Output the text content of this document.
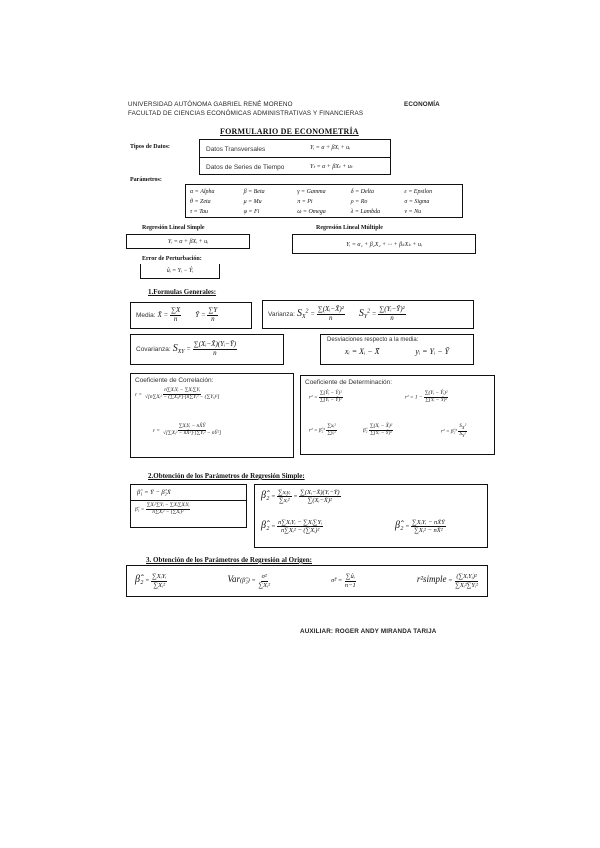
UNIVERSIDAD AUTÓNOMA GABRIEL RENÉ MORENO
FACULTAD DE CIENCIAS ECONÓMICAS ADMINISTRATIVAS Y FINANCIERAS
ECONOMÍA
FORMULARIO DE ECONOMETRÍA
Tipos de Datos:	Datos Transversales	Yᵢ = α + βXᵢ + uᵢ
Datos de Series de Tiempo	Yₜ = α + βXₜ + uₜ
Parámetros:
α = Alpha	β = Beta	γ = Gamma	δ = Delta	ε = Epsilon
θ = Zeta	μ = Mu	π = Pi	ρ = Ro	σ = Sigma
τ = Tau	φ = Fi	ω = Omega	λ = Lambda	ν = Nu
Regresión Lineal Simple
Yᵢ = α + βXᵢ + uᵢ
Regresión Lineal Múltiple
Yᵢ = α₁ + β₂X₂ + ··· + βₖXₖ + uᵢ
Error de Perturbación:
ûᵢ = Yᵢ − Ŷᵢ
1.Formulas Generales:
Media: X̄ = $\frac{\sum X}{n}$ Ȳ = $\frac{\sum Y}{n}$	Varianza: $S_X^2 = \frac{\text{∑(Xᵢ−X̄)²}}{n} S_Y^2 = \frac{\text{∑(Yᵢ−Ȳ)²}}{n}$
Covarianza: $S_{XY} = \frac{\text{∑(Xᵢ−X̄)(Yᵢ−Ȳ)}}{n}$
Desviaciones respecto a la media:
xᵢ = Xᵢ − X̄	yᵢ = Yᵢ − Ȳ
Coeficiente de Correlación:
$r = \frac{\text{n∑XᵢYᵢ − ∑Xᵢ∑Yᵢ}}{\text{√[n∑Xᵢ² − (∑Xᵢ)²]·[n∑Yᵢ² − (∑Yᵢ)²]}}$
$r = \frac{\text{∑XᵢYᵢ − nX̄Ȳ}}{\text{√[∑Xᵢ² − nX̄²]·[∑Yᵢ² − nȲ²]}}$
Coeficiente de Determinación:
$r^2 = \frac{\text{∑(Ŷᵢ − Ȳ)²}}{\text{∑(Yᵢ − Ȳ)²}}$	$r^2 = 1 - \frac{\text{∑(Yᵢ − Ŷᵢ)²}}{\text{∑(Yᵢ − Ȳ)²}}$
r² = β̂₂² $\frac{\text{∑xᵢ²}}{\text{∑yᵢ²}}$	β̂₂ $\frac{\text{∑(Xᵢ − X̄)²}}{\text{∑(Yᵢ − Ȳ)²}}$	r² = β̂₂² $\frac{S_X^2}{S_Y^2}$
2.Obtención de los Parámetros de Regresión Simple:
β̂₁ = Ȳ − β̂₂X̄
β̂₁ = $\frac{\text{∑Xᵢ²∑Yᵢ − ∑Xᵢ∑XᵢYᵢ}}{\text{n∑Xᵢ² − (∑Xᵢ)²}}$
β̂₂ = $\frac{\text{∑xᵢyᵢ}}{\text{∑xᵢ²}} = \frac{\text{∑(Xᵢ−X̄)(Yᵢ−Ȳ)}}{\text{∑(Xᵢ−X̄)²}}$
β̂₂ = $\frac{\text{n∑XᵢYᵢ − ∑Xᵢ∑Yᵢ}}{\text{n∑Xᵢ² − (∑Xᵢ)²}}$	β̂₂ = $\frac{\text{∑XᵢYᵢ − nX̄Ȳ}}{\text{∑Xᵢ² − nX̄²}}$
3. Obtención de los Parámetros de Regresión al Origen:
β̂₂ = $\frac{\text{∑XᵢYᵢ}}{\text{∑Xᵢ²}}$	Var(β̂₂) = $\frac{\text{σ²}}{\text{∑Xᵢ²}}$	σ̂² = $\frac{\text{∑ûᵢ}}{n-1}$	r²simple = $\frac{\text{(∑XᵢYᵢ)²}}{\text{∑Xᵢ²∑Yᵢ²}}$
AUXILIAR: ROGER ANDY MIRANDA TARIJA
